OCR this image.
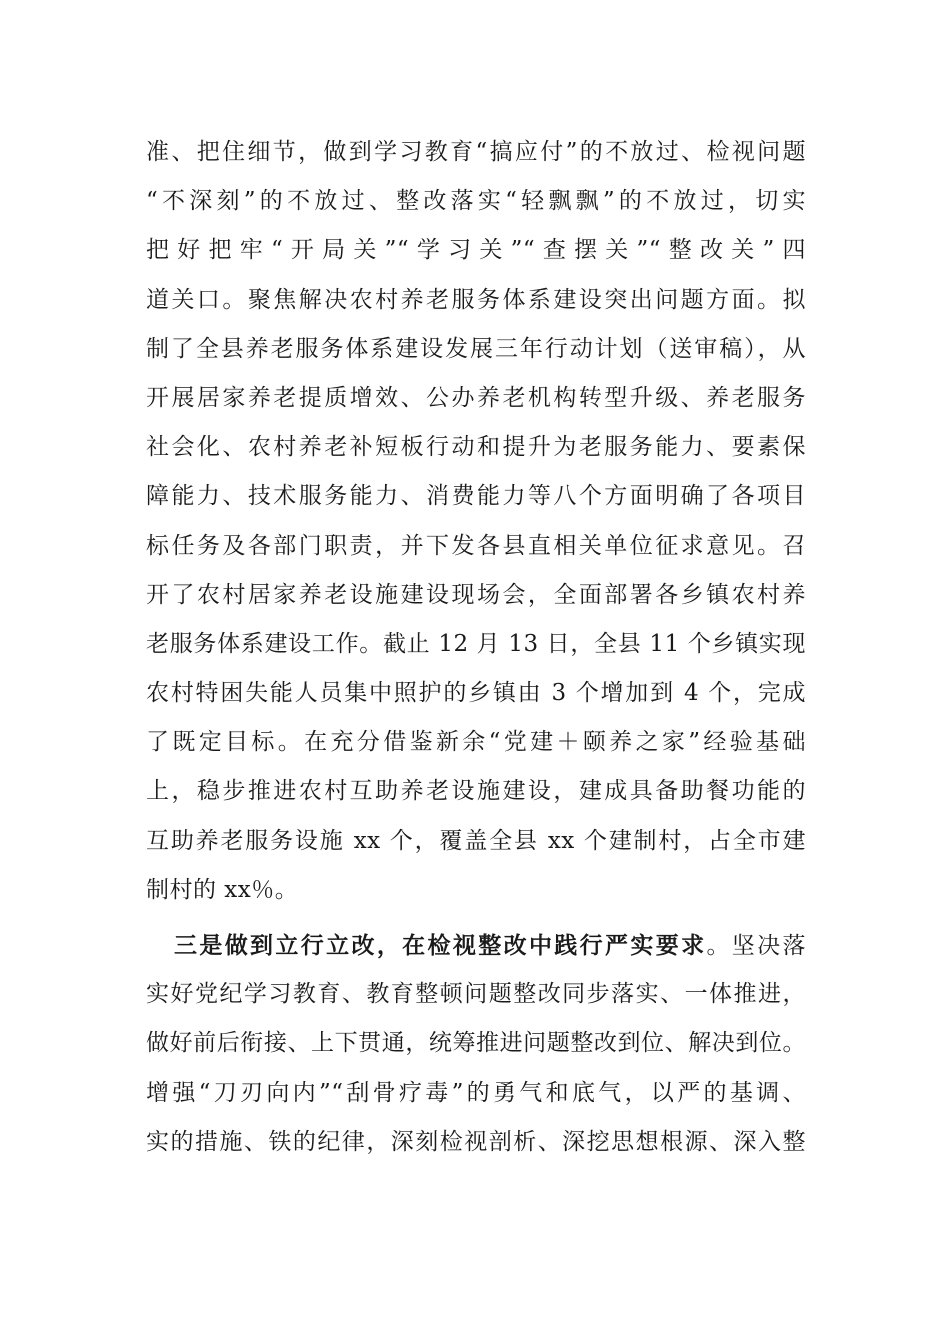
准、把住细节，做到学习教育“搞应付”的不放过、检视问题
“不深刻”的不放过、整改落实“轻飘飘”的不放过，切实
把好把牢“开局关”“学习关”“查摆关”“整改关”四
道关口。聚焦解决农村养老服务体系建设突出问题方面。拟
制了全县养老服务体系建设发展三年行动计划（送审稿），从
开展居家养老提质增效、公办养老机构转型升级、养老服务
社会化、农村养老补短板行动和提升为老服务能力、要素保
障能力、技术服务能力、消费能力等八个方面明确了各项目
标任务及各部门职责，并下发各县直相关单位征求意见。召
开了农村居家养老设施建设现场会，全面部署各乡镇农村养
老服务体系建设工作。截止 12 月 13 日，全县 11 个乡镇实现
农村特困失能人员集中照护的乡镇由 3 个增加到 4 个，完成
了既定目标。在充分借鉴新余“党建＋颐养之家”经验基础
上，稳步推进农村互助养老设施建设，建成具备助餐功能的
互助养老服务设施 xx 个，覆盖全县 xx 个建制村，占全市建
制村的 xx％。
三是做到立行立改，在检视整改中践行严实要求。坚决落
实好党纪学习教育、教育整顿问题整改同步落实、一体推进，
做好前后衔接、上下贯通，统筹推进问题整改到位、解决到位。
增强“刀刃向内”“刮骨疗毒”的勇气和底气，以严的基调、
实的措施、铁的纪律，深刻检视剖析、深挖思想根源、深入整
